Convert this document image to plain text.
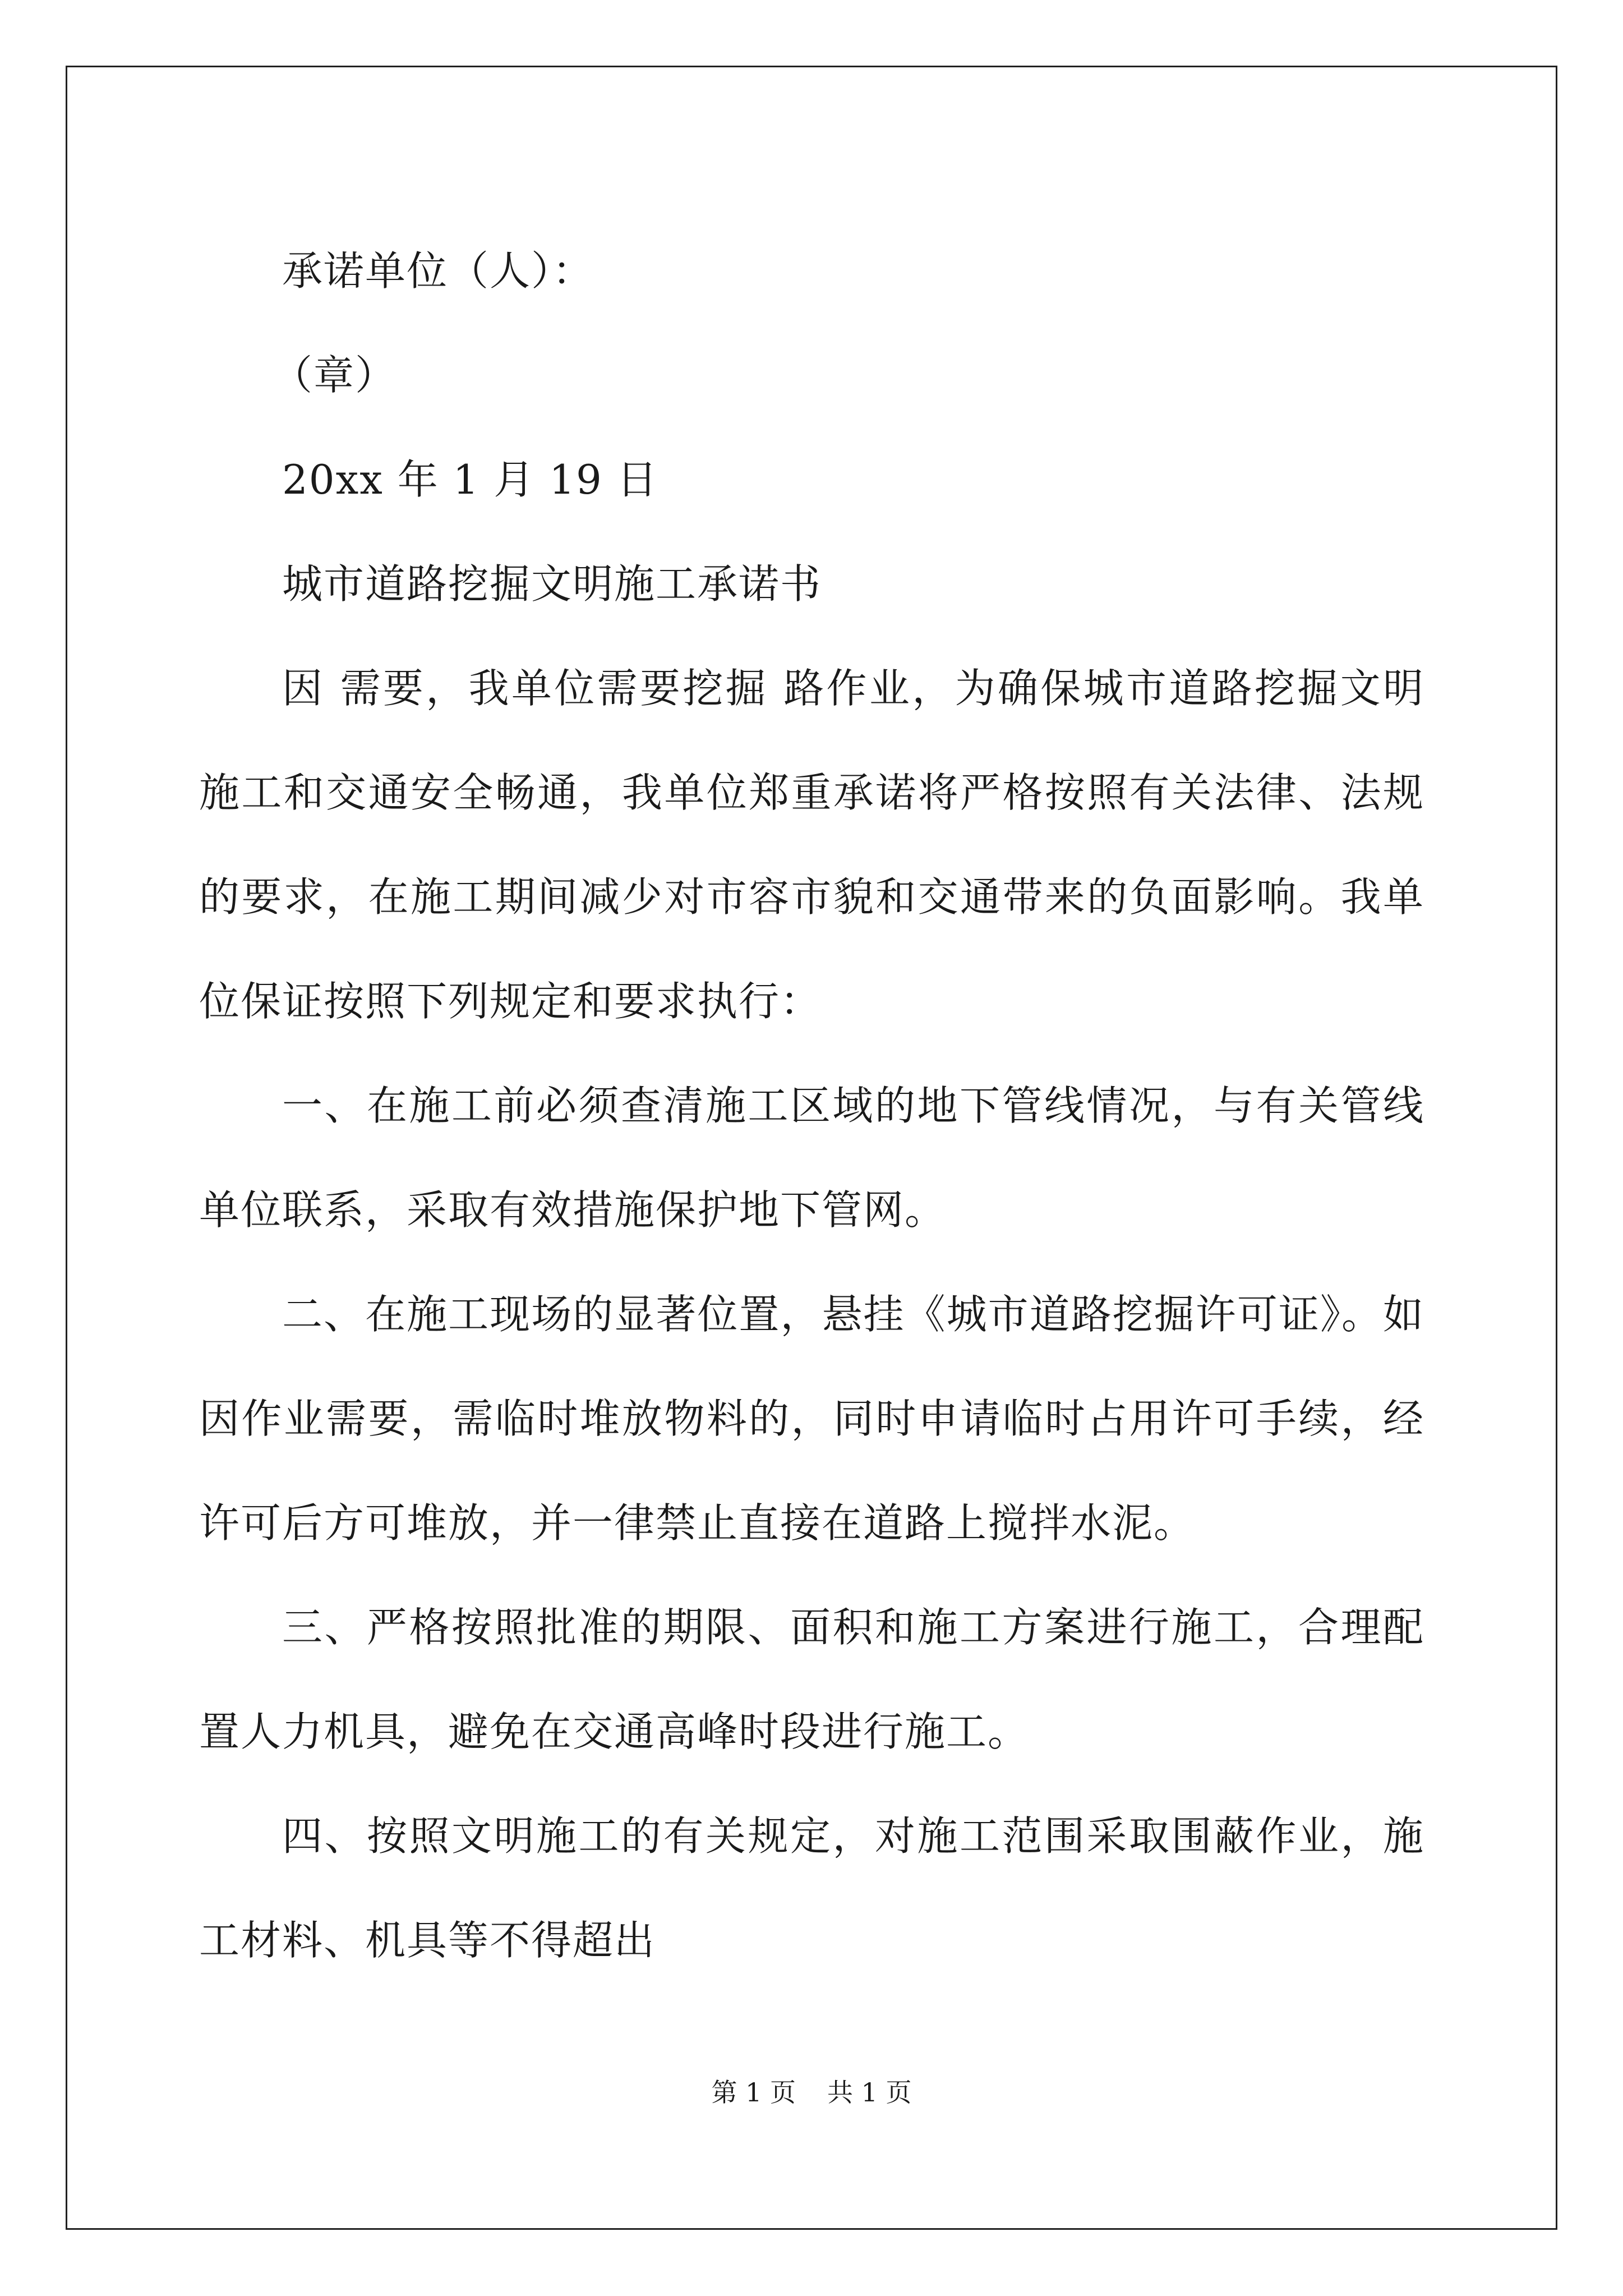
承诺单位（人）：
（章）
20xx 年 1 月 19 日
城市道路挖掘文明施工承诺书

因 需要，我单位需要挖掘 路作业，为确保城市道路挖掘文明施工和交通安全畅通，我单位郑重承诺将严格按照有关法律、法规的要求，在施工期间减少对市容市貌和交通带来的负面影响。我单位保证按照下列规定和要求执行：

一、在施工前必须查清施工区域的地下管线情况，与有关管线单位联系，采取有效措施保护地下管网。

二、在施工现场的显著位置，悬挂《城市道路挖掘许可证》。如因作业需要，需临时堆放物料的，同时申请临时占用许可手续，经许可后方可堆放，并一律禁止直接在道路上搅拌水泥。

三、严格按照批准的期限、面积和施工方案进行施工，合理配置人力机具，避免在交通高峰时段进行施工。

四、按照文明施工的有关规定，对施工范围采取围蔽作业，施工材料、机具等不得超出

第 1 页 共 1 页
